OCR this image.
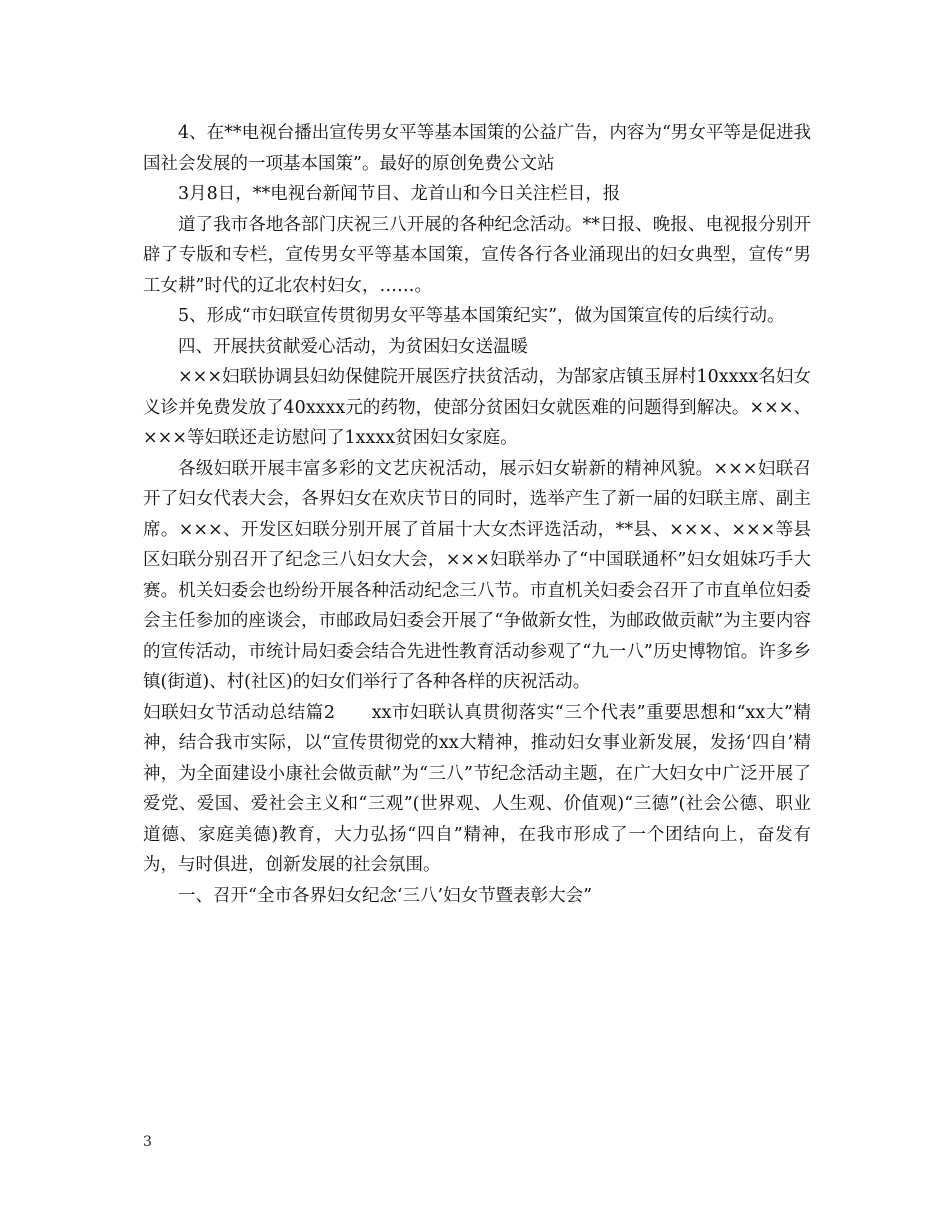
4、在**电视台播出宣传男女平等基本国策的公益广告，内容为“男女平等是促进我国社会发展的一项基本国策”。最好的原创免费公文站

3月8日，**电视台新闻节目、龙首山和今日关注栏目，报

道了我市各地各部门庆祝三八开展的各种纪念活动。**日报、晚报、电视报分别开辟了专版和专栏，宣传男女平等基本国策，宣传各行各业涌现出的妇女典型，宣传“男工女耕”时代的辽北农村妇女，……。

5、形成“市妇联宣传贯彻男女平等基本国策纪实”，做为国策宣传的后续行动。

四、开展扶贫献爱心活动，为贫困妇女送温暖

×××妇联协调县妇幼保健院开展医疗扶贫活动，为郜家店镇玉屏村10xxxx名妇女义诊并免费发放了40xxxx元的药物，使部分贫困妇女就医难的问题得到解决。×××、×××等妇联还走访慰问了1xxxx贫困妇女家庭。

各级妇联开展丰富多彩的文艺庆祝活动，展示妇女崭新的精神风貌。×××妇联召开了妇女代表大会，各界妇女在欢庆节日的同时，选举产生了新一届的妇联主席、副主席。×××、开发区妇联分别开展了首届十大女杰评选活动，**县、×××、×××等县区妇联分别召开了纪念三八妇女大会，×××妇联举办了“中国联通杯”妇女姐妹巧手大赛。机关妇委会也纷纷开展各种活动纪念三八节。市直机关妇委会召开了市直单位妇委会主任参加的座谈会，市邮政局妇委会开展了“争做新女性，为邮政做贡献”为主要内容的宣传活动，市统计局妇委会结合先进性教育活动参观了“九一八”历史博物馆。许多乡镇(街道)、村(社区)的妇女们举行了各种各样的庆祝活动。

妇联妇女节活动总结篇2　　xx市妇联认真贯彻落实“三个代表”重要思想和“xx大”精神，结合我市实际，以“宣传贯彻党的xx大精神，推动妇女事业新发展，发扬‘四自’精神，为全面建设小康社会做贡献”为“三八”节纪念活动主题，在广大妇女中广泛开展了爱党、爱国、爱社会主义和“三观”(世界观、人生观、价值观)“三德”(社会公德、职业道德、家庭美德)教育，大力弘扬“四自”精神，在我市形成了一个团结向上，奋发有为，与时俱进，创新发展的社会氛围。

一、召开“全市各界妇女纪念‘三八’妇女节暨表彰大会”

3
